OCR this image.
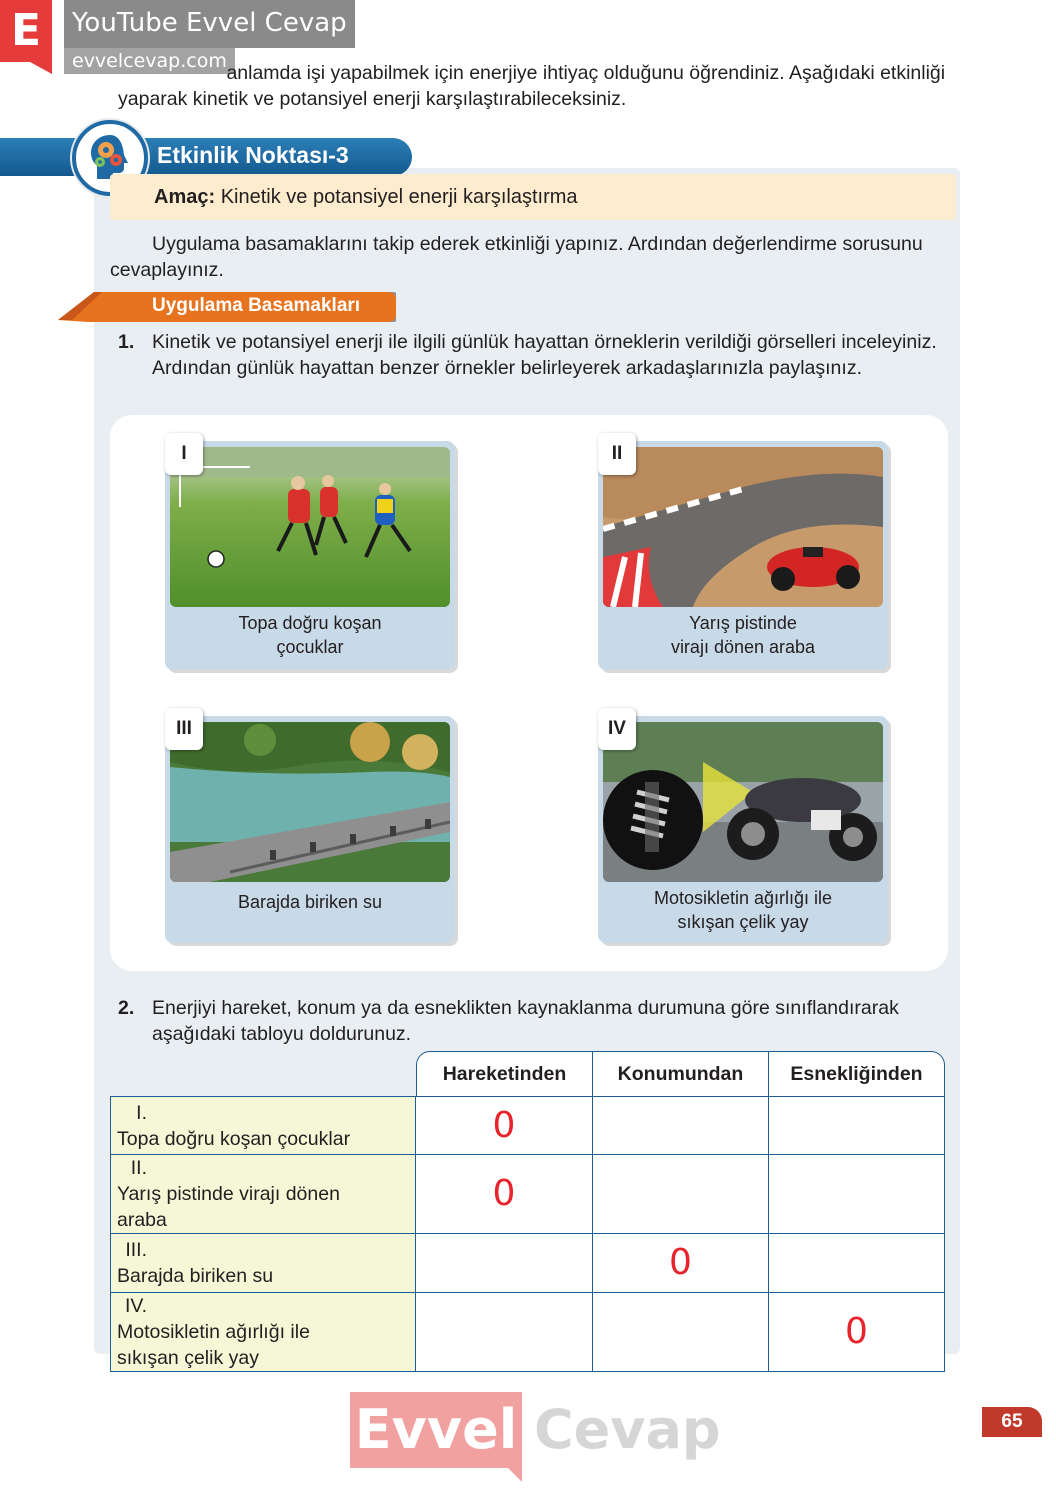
E	YouTube Evvel Cevap
evvelcevap.com
anlamda işi yapabilmek için enerjiye ihtiyaç olduğunu öğrendiniz. Aşağıdaki etkinliği yaparak kinetik ve potansiyel enerji karşılaştırabileceksiniz.
Etkinlik Noktası-3
Amaç: Kinetik ve potansiyel enerji karşılaştırma
Uygulama basamaklarını takip ederek etkinliği yapınız. Ardından değerlendirme sorusunu cevaplayınız.
Uygulama Basamakları
1. Kinetik ve potansiyel enerji ile ilgili günlük hayattan örneklerin verildiği görselleri inceleyiniz. Ardından günlük hayattan benzer örnekler belirleyerek arkadaşlarınızla paylaşınız.
I
Topa doğru koşan
çocuklar
II
Yarış pistinde
virajı dönen araba
III
Barajda biriken su
IV
Motosikletin ağırlığı ile
sıkışan çelik yay
2. Enerjiyi hareket, konum ya da esneklikten kaynaklanma durumuna göre sınıflandırarak aşağıdaki tabloyu doldurunuz.
	Hareketinden	Konumundan	Esnekliğinden
I.Topa doğru koşan çocuklar	0		
II.Yarış pistinde virajı dönen araba	0		
III.Barajda biriken su		0	
IV.Motosikletin ağırlığı ile sıkışan çelik yay			0
65
Evvel Cevap
